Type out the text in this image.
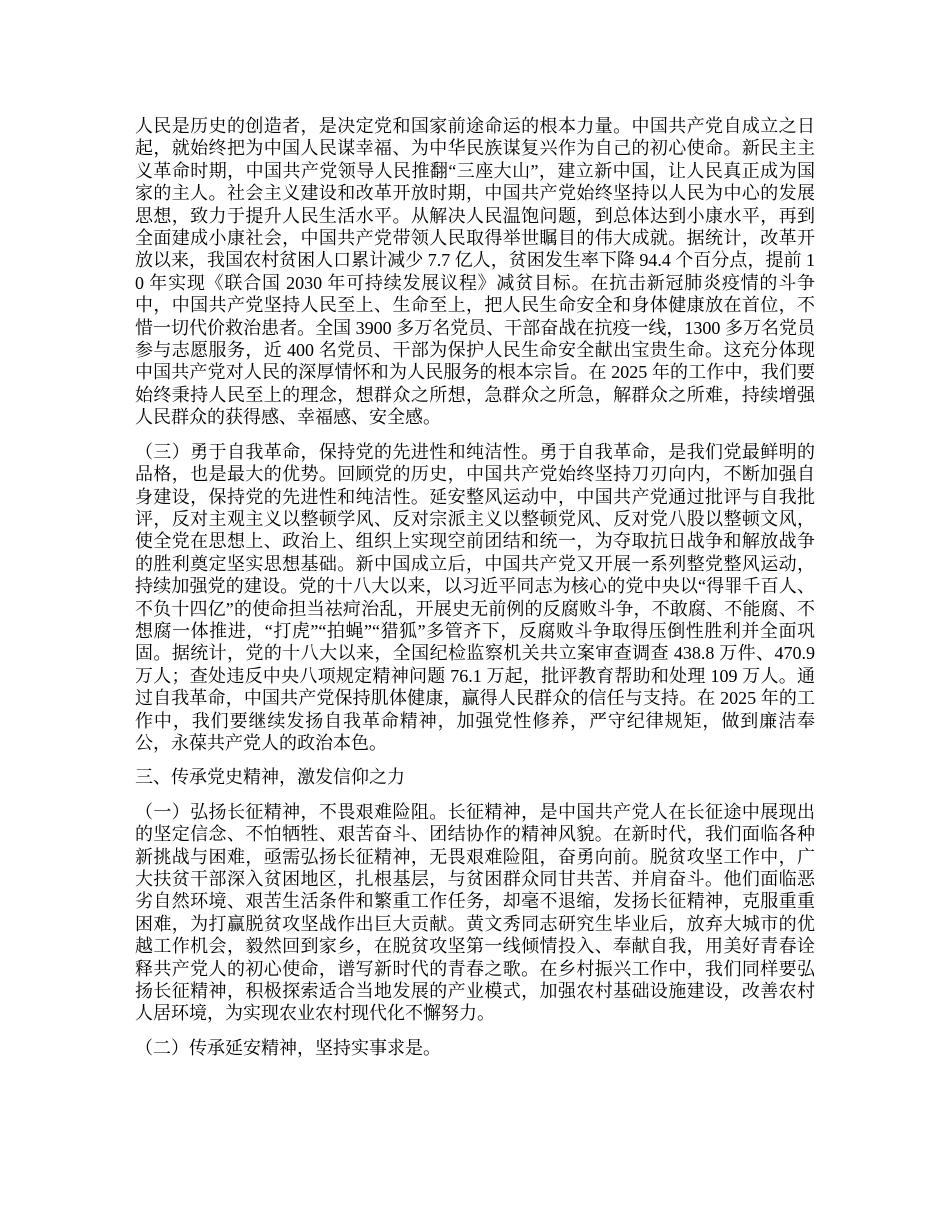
人民是历史的创造者，是决定党和国家前途命运的根本力量。中国共产党自成立之日起，就始终把为中国人民谋幸福、为中华民族谋复兴作为自己的初心使命。新民主主义革命时期，中国共产党领导人民推翻“三座大山”，建立新中国，让人民真正成为国家的主人。社会主义建设和改革开放时期，中国共产党始终坚持以人民为中心的发展思想，致力于提升人民生活水平。从解决人民温饱问题，到总体达到小康水平，再到全面建成小康社会，中国共产党带领人民取得举世瞩目的伟大成就。据统计，改革开放以来，我国农村贫困人口累计减少 7.7 亿人，贫困发生率下降 94.4 个百分点，提前 10 年实现《联合国 2030 年可持续发展议程》减贫目标。在抗击新冠肺炎疫情的斗争中，中国共产党坚持人民至上、生命至上，把人民生命安全和身体健康放在首位，不惜一切代价救治患者。全国 3900 多万名党员、干部奋战在抗疫一线，1300 多万名党员参与志愿服务，近 400 名党员、干部为保护人民生命安全献出宝贵生命。这充分体现中国共产党对人民的深厚情怀和为人民服务的根本宗旨。在 2025 年的工作中，我们要始终秉持人民至上的理念，想群众之所想，急群众之所急，解群众之所难，持续增强人民群众的获得感、幸福感、安全感。

（三）勇于自我革命，保持党的先进性和纯洁性。勇于自我革命，是我们党最鲜明的品格，也是最大的优势。回顾党的历史，中国共产党始终坚持刀刃向内，不断加强自身建设，保持党的先进性和纯洁性。延安整风运动中，中国共产党通过批评与自我批评，反对主观主义以整顿学风、反对宗派主义以整顿党风、反对党八股以整顿文风，使全党在思想上、政治上、组织上实现空前团结和统一，为夺取抗日战争和解放战争的胜利奠定坚实思想基础。新中国成立后，中国共产党又开展一系列整党整风运动，持续加强党的建设。党的十八大以来，以习近平同志为核心的党中央以“得罪千百人、不负十四亿”的使命担当祛疴治乱，开展史无前例的反腐败斗争，不敢腐、不能腐、不想腐一体推进，“打虎”“拍蝇”“猎狐”多管齐下，反腐败斗争取得压倒性胜利并全面巩固。据统计，党的十八大以来，全国纪检监察机关共立案审查调查 438.8 万件、470.9 万人；查处违反中央八项规定精神问题 76.1 万起，批评教育帮助和处理 109 万人。通过自我革命，中国共产党保持肌体健康，赢得人民群众的信任与支持。在 2025 年的工作中，我们要继续发扬自我革命精神，加强党性修养，严守纪律规矩，做到廉洁奉公，永葆共产党人的政治本色。

三、传承党史精神，激发信仰之力

（一）弘扬长征精神，不畏艰难险阻。长征精神，是中国共产党人在长征途中展现出的坚定信念、不怕牺牲、艰苦奋斗、团结协作的精神风貌。在新时代，我们面临各种新挑战与困难，亟需弘扬长征精神，无畏艰难险阻，奋勇向前。脱贫攻坚工作中，广大扶贫干部深入贫困地区，扎根基层，与贫困群众同甘共苦、并肩奋斗。他们面临恶劣自然环境、艰苦生活条件和繁重工作任务，却毫不退缩，发扬长征精神，克服重重困难，为打赢脱贫攻坚战作出巨大贡献。黄文秀同志研究生毕业后，放弃大城市的优越工作机会，毅然回到家乡，在脱贫攻坚第一线倾情投入、奉献自我，用美好青春诠释共产党人的初心使命，谱写新时代的青春之歌。在乡村振兴工作中，我们同样要弘扬长征精神，积极探索适合当地发展的产业模式，加强农村基础设施建设，改善农村人居环境，为实现农业农村现代化不懈努力。

（二）传承延安精神，坚持实事求是。
